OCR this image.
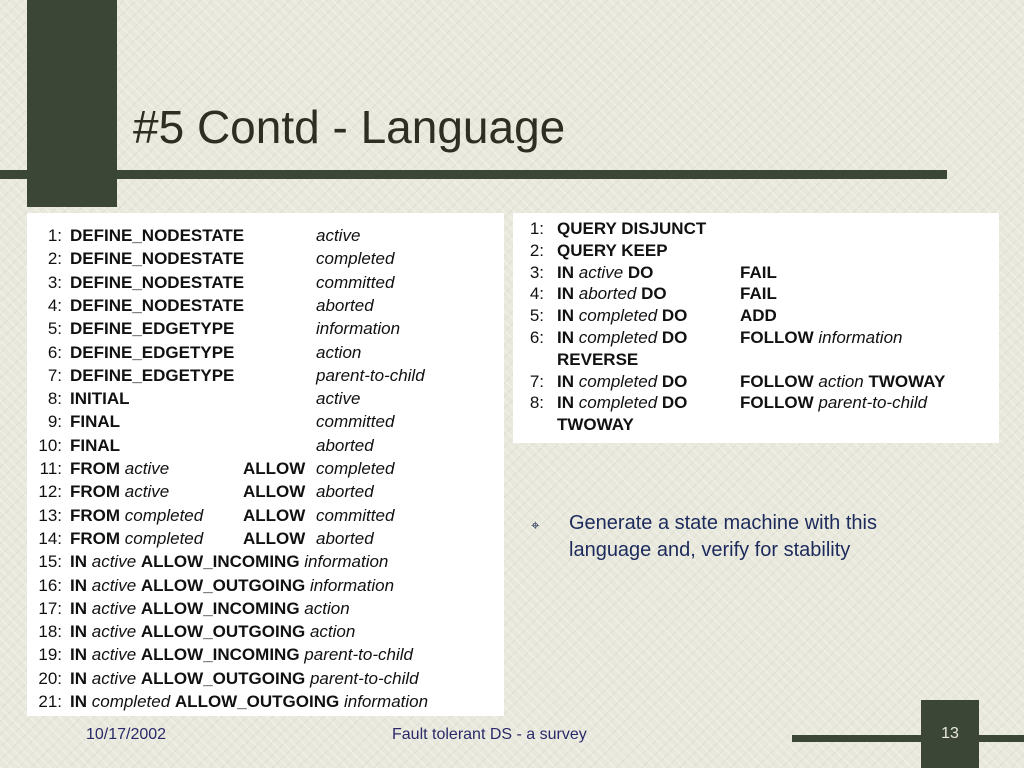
#5 Contd - Language
1: DEFINE_NODESTATE	active
2: DEFINE_NODESTATE	completed
3: DEFINE_NODESTATE	committed
4: DEFINE_NODESTATE	aborted
5: DEFINE_EDGETYPE	information
6: DEFINE_EDGETYPE	action
7: DEFINE_EDGETYPE	parent-to-child
8: INITIAL	active
9: FINAL	committed
10: FINAL	aborted
11: FROM active	ALLOW completed
12: FROM active	ALLOW aborted
13: FROM completed ALLOW committed
14: FROM completed ALLOW aborted
15: IN active ALLOW_INCOMING information
16: IN active ALLOW_OUTGOING information
17: IN active ALLOW_INCOMING action
18: IN active ALLOW_OUTGOING action
19: IN active ALLOW_INCOMING parent-to-child
20: IN active ALLOW_OUTGOING parent-to-child
21: IN completed ALLOW_OUTGOING information
1: QUERY DISJUNCT
2: QUERY KEEP
3: IN active DO	FAIL
4: IN aborted DO	FAIL
5: IN completed DO	ADD
6: IN completed DO	FOLLOW information
REVERSE
7: IN completed DO	FOLLOW action TWOWAY
8: IN completed DO	FOLLOW parent-to-child
TWOWAY
⌖ Generate a state machine with this language and, verify for stability
13
10/17/2002	Fault tolerant DS - a survey
